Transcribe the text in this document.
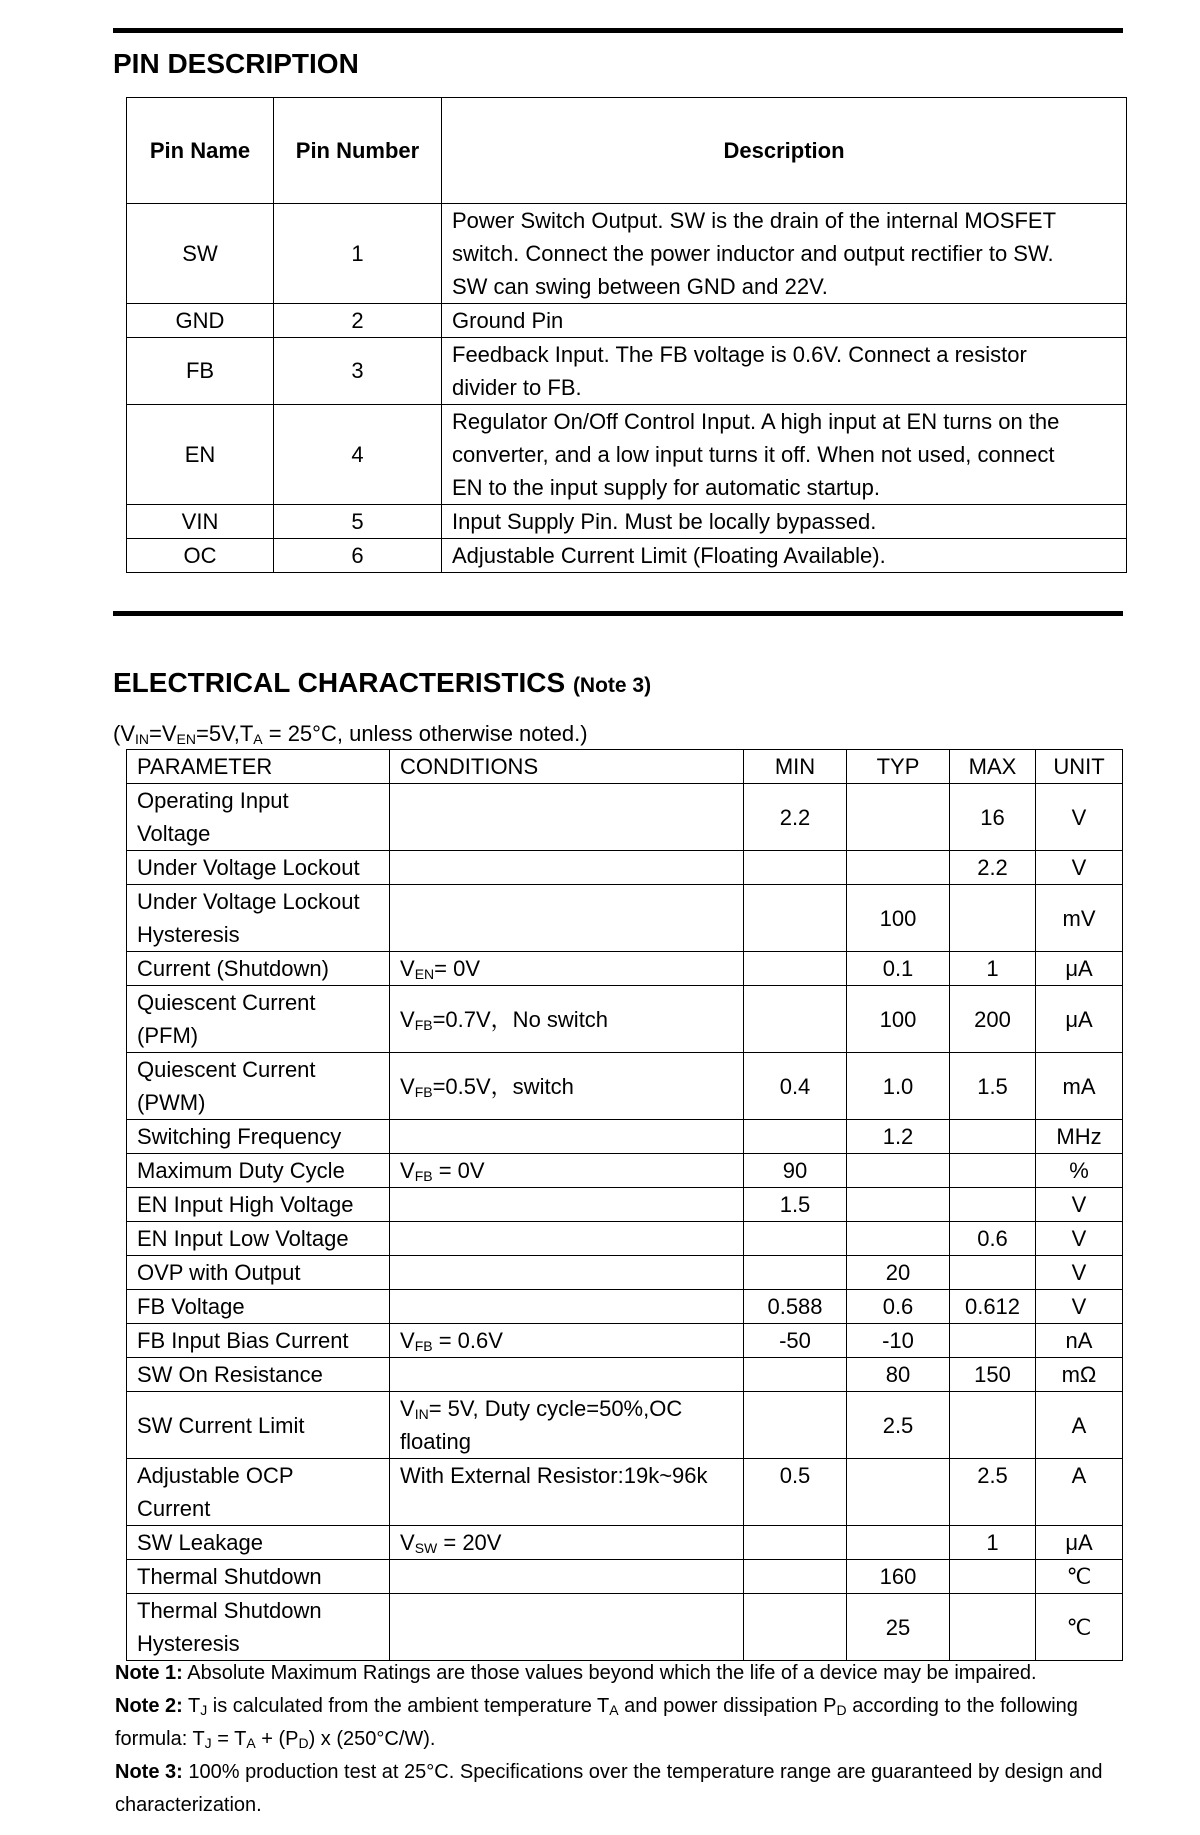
PIN DESCRIPTION
Pin Name	Pin Number	Description
SW	1	Power Switch Output. SW is the drain of the internal MOSFET
switch. Connect the power inductor and output rectifier to SW.
SW can swing between GND and 22V.

GND	2	Ground Pin

FB	3	Feedback Input. The FB voltage is 0.6V. Connect a resistor
divider to FB.

EN	4	Regulator On/Off Control Input. A high input at EN turns on the
converter, and a low input turns it off. When not used, connect
EN to the input supply for automatic startup.

VIN	5	Input Supply Pin. Must be locally bypassed.

OC	6	Adjustable Current Limit (Floating Available).
ELECTRICAL CHARACTERISTICS (Note 3)
($V_{IN}=V_{EN}=5V,T_A = 25^\circ C$, unless otherwise noted.)
PARAMETER	CONDITIONS	MIN	TYP	MAX	UNIT

Operating Input
Voltage		2.2		16	V

Under Voltage Lockout				2.2	V

Under Voltage Lockout
Hysteresis			100		mV

Current (Shutdown)	$V_{EN}= 0V$		0.1	1	μA

Quiescent Current
(PFM)	$V_{FB}=0.7V$，No switch		100	200	μA

Quiescent Current
(PWM)	$V_{FB}=0.5V$，switch	0.4	1.0	1.5	mA

Switching Frequency			1.2		MHz

Maximum Duty Cycle	$V_{FB} = 0V$	90			%

EN Input High Voltage		1.5			V

EN Input Low Voltage				0.6	V

OVP with Output			20		V

FB Voltage		0.588	0.6	0.612	V

FB Input Bias Current	$V_{FB} = 0.6V$	-50	-10		nA

SW On Resistance			80	150	mΩ

SW Current Limit	$V_{IN}= 5V$, Duty cycle=50%,OC
floating		2.5		A

Adjustable OCP
Current	With External Resistor:19k~96k	0.5		2.5	A

SW Leakage	$V_{SW} = 20V$			1	μA

Thermal Shutdown			160		℃

Thermal Shutdown
Hysteresis			25		℃

Note 1: Absolute Maximum Ratings are those values beyond which the life of a device may be impaired.

Note 2: $T_J$ is calculated from the ambient temperature $T_A$ and power dissipation $P_D$ according to the following formula: $T_J = T_A + (P_D)$ x (250°C/W).

Note 3: 100% production test at 25°C. Specifications over the temperature range are guaranteed by design and characterization.
